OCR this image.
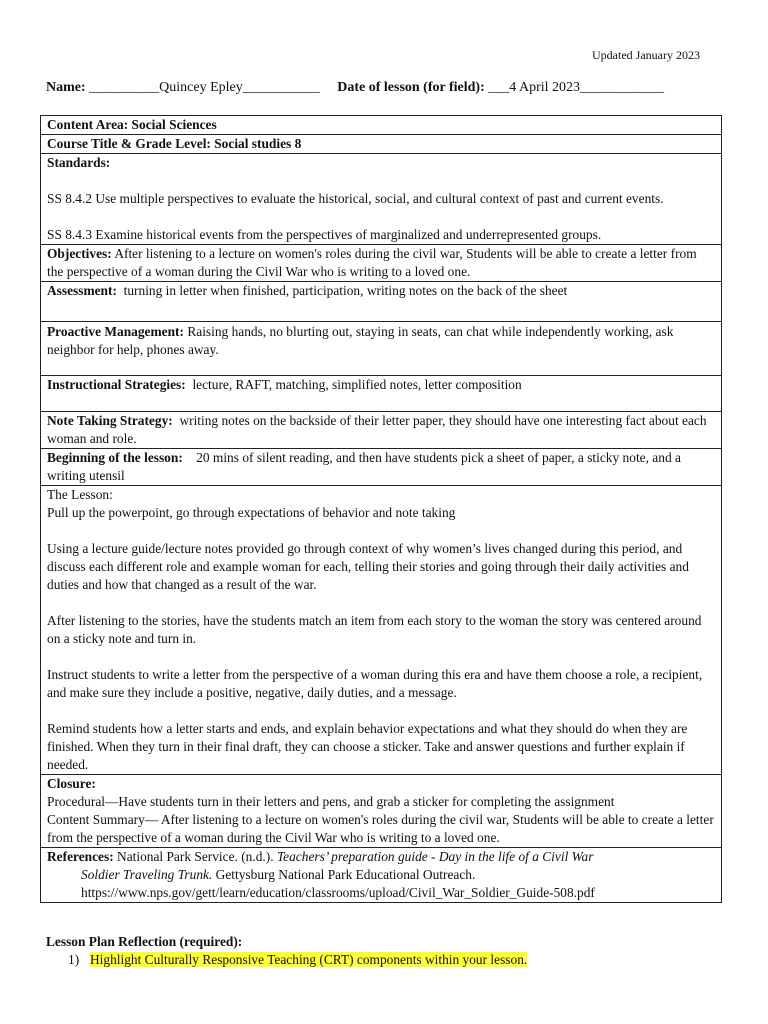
Updated January 2023
Name: __________Quincey Epley___________ Date of lesson (for field): ___4 April 2023____________
Content Area: Social Sciences
Course Title & Grade Level: Social studies 8

Standards:

SS 8.4.2 Use multiple perspectives to evaluate the historical, social, and cultural context of past and current events.

SS 8.4.3 Examine historical events from the perspectives of marginalized and underrepresented groups.

Objectives: After listening to a lecture on women's roles during the civil war, Students will be able to create a letter from the perspective of a woman during the Civil War who is writing to a loved one.
Assessment: turning in letter when finished, participation, writing notes on the back of the sheet
Proactive Management: Raising hands, no blurting out, staying in seats, can chat while independently working, ask neighbor for help, phones away.
Instructional Strategies: lecture, RAFT, matching, simplified notes, letter composition
Note Taking Strategy: writing notes on the backside of their letter paper, they should have one interesting fact about each woman and role.
Beginning of the lesson: 20 mins of silent reading, and then have students pick a sheet of paper, a sticky note, and a writing utensil

The Lesson:

Pull up the powerpoint, go through expectations of behavior and note taking

Using a lecture guide/lecture notes provided go through context of why women’s lives changed during this period, and discuss each different role and example woman for each, telling their stories and going through their daily activities and duties and how that changed as a result of the war.

After listening to the stories, have the students match an item from each story to the woman the story was centered around on a sticky note and turn in.

Instruct students to write a letter from the perspective of a woman during this era and have them choose a role, a recipient, and make sure they include a positive, negative, daily duties, and a message.

Remind students how a letter starts and ends, and explain behavior expectations and what they should do when they are finished. When they turn in their final draft, they can choose a sticker. Take and answer questions and further explain if needed.

Closure:

Procedural—Have students turn in their letters and pens, and grab a sticker for completing the assignment

Content Summary— After listening to a lecture on women's roles during the civil war, Students will be able to create a letter from the perspective of a woman during the Civil War who is writing to a loved one.

References: National Park Service. (n.d.). Teachers’ preparation guide - Day in the life of a Civil War
Soldier Traveling Trunk. Gettysburg National Park Educational Outreach.
https://www.nps.gov/gett/learn/education/classrooms/upload/Civil_War_Soldier_Guide-508.pdf
Lesson Plan Reflection (required):
1) Highlight Culturally Responsive Teaching (CRT) components within your lesson.
